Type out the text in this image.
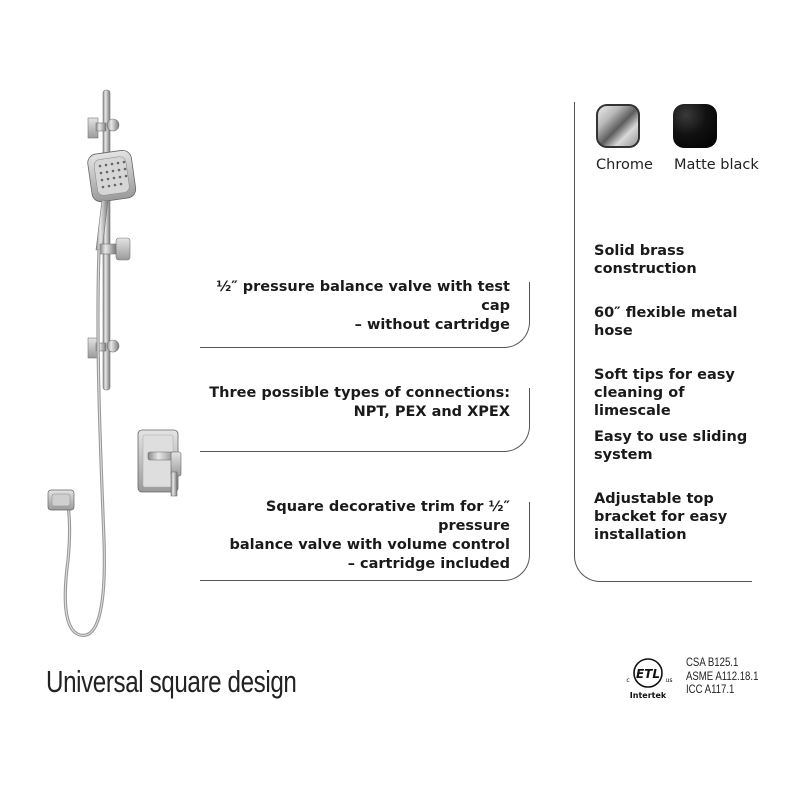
½″ pressure balance valve with test cap
– without cartridge
Three possible types of connections:
NPT, PEX and XPEX
Square decorative trim for ½″ pressure
balance valve with volume control
– cartridge included
Chrome Matte black
Solid brass
construction
60″ flexible metal
hose
Soft tips for easy
cleaning of limescale
Easy to use sliding
system
Adjustable top
bracket for easy
installation
Universal square design	ETL
c	us
Intertek
CSA B125.1
ASME A112.18.1
ICC A117.1
